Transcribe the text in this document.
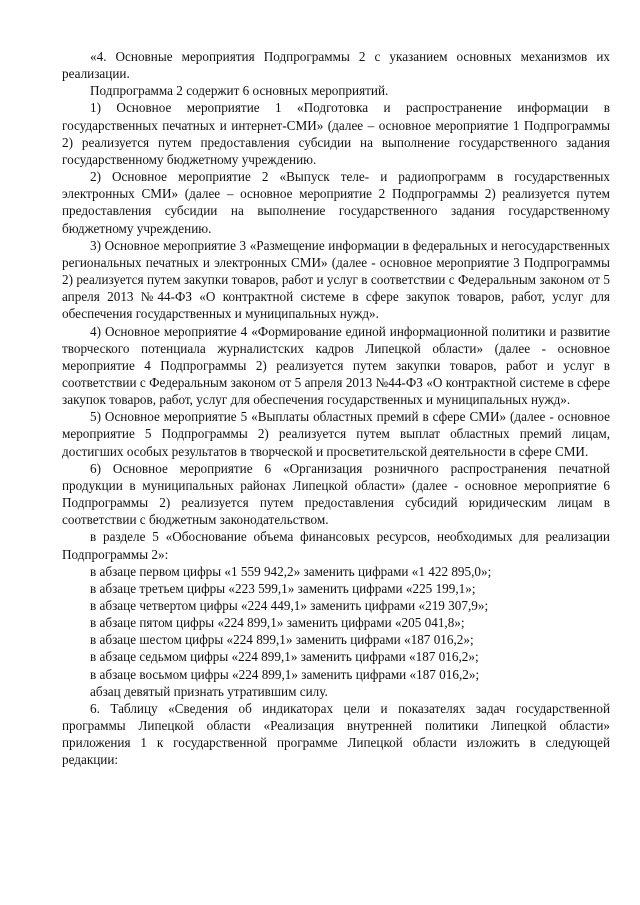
«4. Основные мероприятия Подпрограммы 2 с указанием основных механизмов их реализации.

Подпрограмма 2 содержит 6 основных мероприятий.

1) Основное мероприятие 1 «Подготовка и распространение информации в государственных печатных и интернет-СМИ» (далее – основное мероприятие 1 Подпрограммы 2) реализуется путем предоставления субсидии на выполнение государственного задания государственному бюджетному учреждению.

2) Основное мероприятие 2 «Выпуск теле- и радиопрограмм в государственных электронных СМИ» (далее – основное мероприятие 2 Подпрограммы 2) реализуется путем предоставления субсидии на выполнение государственного задания государственному бюджетному учреждению.

3) Основное мероприятие 3 «Размещение информации в федеральных и негосударственных региональных печатных и электронных СМИ» (далее - основное мероприятие 3 Подпрограммы 2) реализуется путем закупки товаров, работ и услуг в соответствии с Федеральным законом от 5 апреля 2013 №44-ФЗ «О контрактной системе в сфере закупок товаров, работ, услуг для обеспечения государственных и муниципальных нужд».

4) Основное мероприятие 4 «Формирование единой информационной политики и развитие творческого потенциала журналистских кадров Липецкой области» (далее - основное мероприятие 4 Подпрограммы 2) реализуется путем закупки товаров, работ и услуг в соответствии с Федеральным законом от 5 апреля 2013 №44-ФЗ «О контрактной системе в сфере закупок товаров, работ, услуг для обеспечения государственных и муниципальных нужд».

5) Основное мероприятие 5 «Выплаты областных премий в сфере СМИ» (далее - основное мероприятие 5 Подпрограммы 2) реализуется путем выплат областных премий лицам, достигших особых результатов в творческой и просветительской деятельности в сфере СМИ.

6) Основное мероприятие 6 «Организация розничного распространения печатной продукции в муниципальных районах Липецкой области» (далее - основное мероприятие 6 Подпрограммы 2) реализуется путем предоставления субсидий юридическим лицам в соответствии с бюджетным законодательством.

в разделе 5 «Обоснование объема финансовых ресурсов, необходимых для реализации Подпрограммы 2»:

в абзаце первом цифры «1 559 942,2» заменить цифрами «1 422 895,0»;

в абзаце третьем цифры «223 599,1» заменить цифрами «225 199,1»;

в абзаце четвертом цифры «224 449,1» заменить цифрами «219 307,9»;

в абзаце пятом цифры «224 899,1» заменить цифрами «205 041,8»;

в абзаце шестом цифры «224 899,1» заменить цифрами «187 016,2»;

в абзаце седьмом цифры «224 899,1» заменить цифрами «187 016,2»;

в абзаце восьмом цифры «224 899,1» заменить цифрами «187 016,2»;

абзац девятый признать утратившим силу.

6. Таблицу «Сведения об индикаторах цели и показателях задач государственной программы Липецкой области «Реализация внутренней политики Липецкой области» приложения 1 к государственной программе Липецкой области изложить в следующей редакции:
